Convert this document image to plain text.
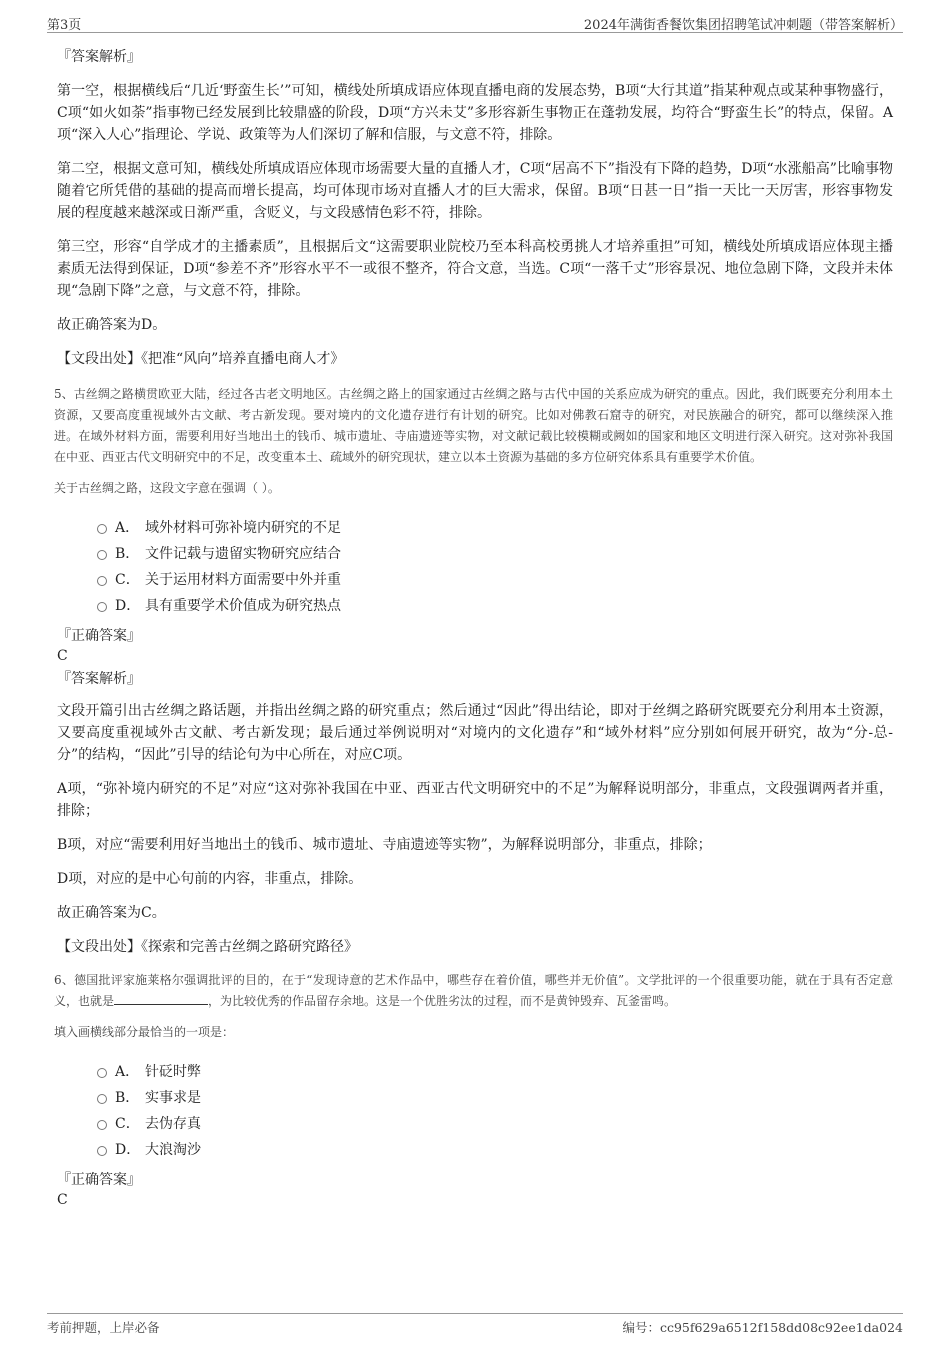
第3页	2024年满街香餐饮集团招聘笔试冲刺题（带答案解析）
『答案解析』

第一空，根据横线后“几近‘野蛮生长’”可知，横线处所填成语应体现直播电商的发展态势，B项“大行其道”指某种观点或某种事物盛行，C项“如火如荼”指事物已经发展到比较鼎盛的阶段，D项“方兴未艾”多形容新生事物正在蓬勃发展，均符合“野蛮生长”的特点，保留。A项“深入人心”指理论、学说、政策等为人们深切了解和信服，与文意不符，排除。

第二空，根据文意可知，横线处所填成语应体现市场需要大量的直播人才，C项“居高不下”指没有下降的趋势，D项“水涨船高”比喻事物随着它所凭借的基础的提高而增长提高，均可体现市场对直播人才的巨大需求，保留。B项“日甚一日”指一天比一天厉害，形容事物发展的程度越来越深或日渐严重，含贬义，与文段感情色彩不符，排除。

第三空，形容“自学成才的主播素质”，且根据后文“这需要职业院校乃至本科高校勇挑人才培养重担”可知，横线处所填成语应体现主播素质无法得到保证，D项“参差不齐”形容水平不一或很不整齐，符合文意，当选。C项“一落千丈”形容景况、地位急剧下降，文段并未体现“急剧下降”之意，与文意不符，排除。

故正确答案为D。

【文段出处】《把准“风向”培养直播电商人才》

5、古丝绸之路横贯欧亚大陆，经过各古老文明地区。古丝绸之路上的国家通过古丝绸之路与古代中国的关系应成为研究的重点。因此，我们既要充分利用本土资源，又要高度重视域外古文献、考古新发现。要对境内的文化遗存进行有计划的研究。比如对佛教石窟寺的研究，对民族融合的研究，都可以继续深入推进。在域外材料方面，需要利用好当地出土的钱币、城市遗址、寺庙遗迹等实物，对文献记载比较模糊或阙如的国家和地区文明进行深入研究。这对弥补我国在中亚、西亚古代文明研究中的不足，改变重本土、疏域外的研究现状，建立以本土资源为基础的多方位研究体系具有重要学术价值。

关于古丝绸之路，这段文字意在强调（ ）。
A． 域外材料可弥补境内研究的不足
B． 文件记载与遗留实物研究应结合
C． 关于运用材料方面需要中外并重
D． 具有重要学术价值成为研究热点
『正确答案』
C
『答案解析』

文段开篇引出古丝绸之路话题，并指出丝绸之路的研究重点；然后通过“因此”得出结论，即对于丝绸之路研究既要充分利用本土资源，又要高度重视域外古文献、考古新发现；最后通过举例说明对“对境内的文化遗存”和“域外材料”应分别如何展开研究，故为“分-总-分”的结构，“因此”引导的结论句为中心所在，对应C项。

A项，“弥补境内研究的不足”对应“这对弥补我国在中亚、西亚古代文明研究中的不足”为解释说明部分，非重点，文段强调两者并重，排除；

B项，对应“需要利用好当地出土的钱币、城市遗址、寺庙遗迹等实物”，为解释说明部分，非重点，排除；

D项，对应的是中心句前的内容，非重点，排除。

故正确答案为C。

【文段出处】《探索和完善古丝绸之路研究路径》

6、德国批评家施莱格尔强调批评的目的，在于“发现诗意的艺术作品中，哪些存在着价值，哪些并无价值”。文学批评的一个很重要功能，就在于具有否定意义，也就是	，为比较优秀的作品留存余地。这是一个优胜劣汰的过程，而不是黄钟毁弃、瓦釜雷鸣。

填入画横线部分最恰当的一项是：
A． 针砭时弊
B． 实事求是
C． 去伪存真
D． 大浪淘沙
『正确答案』
C
考前押题，上岸必备	编号：cc95f629a6512f158dd08c92ee1da024
